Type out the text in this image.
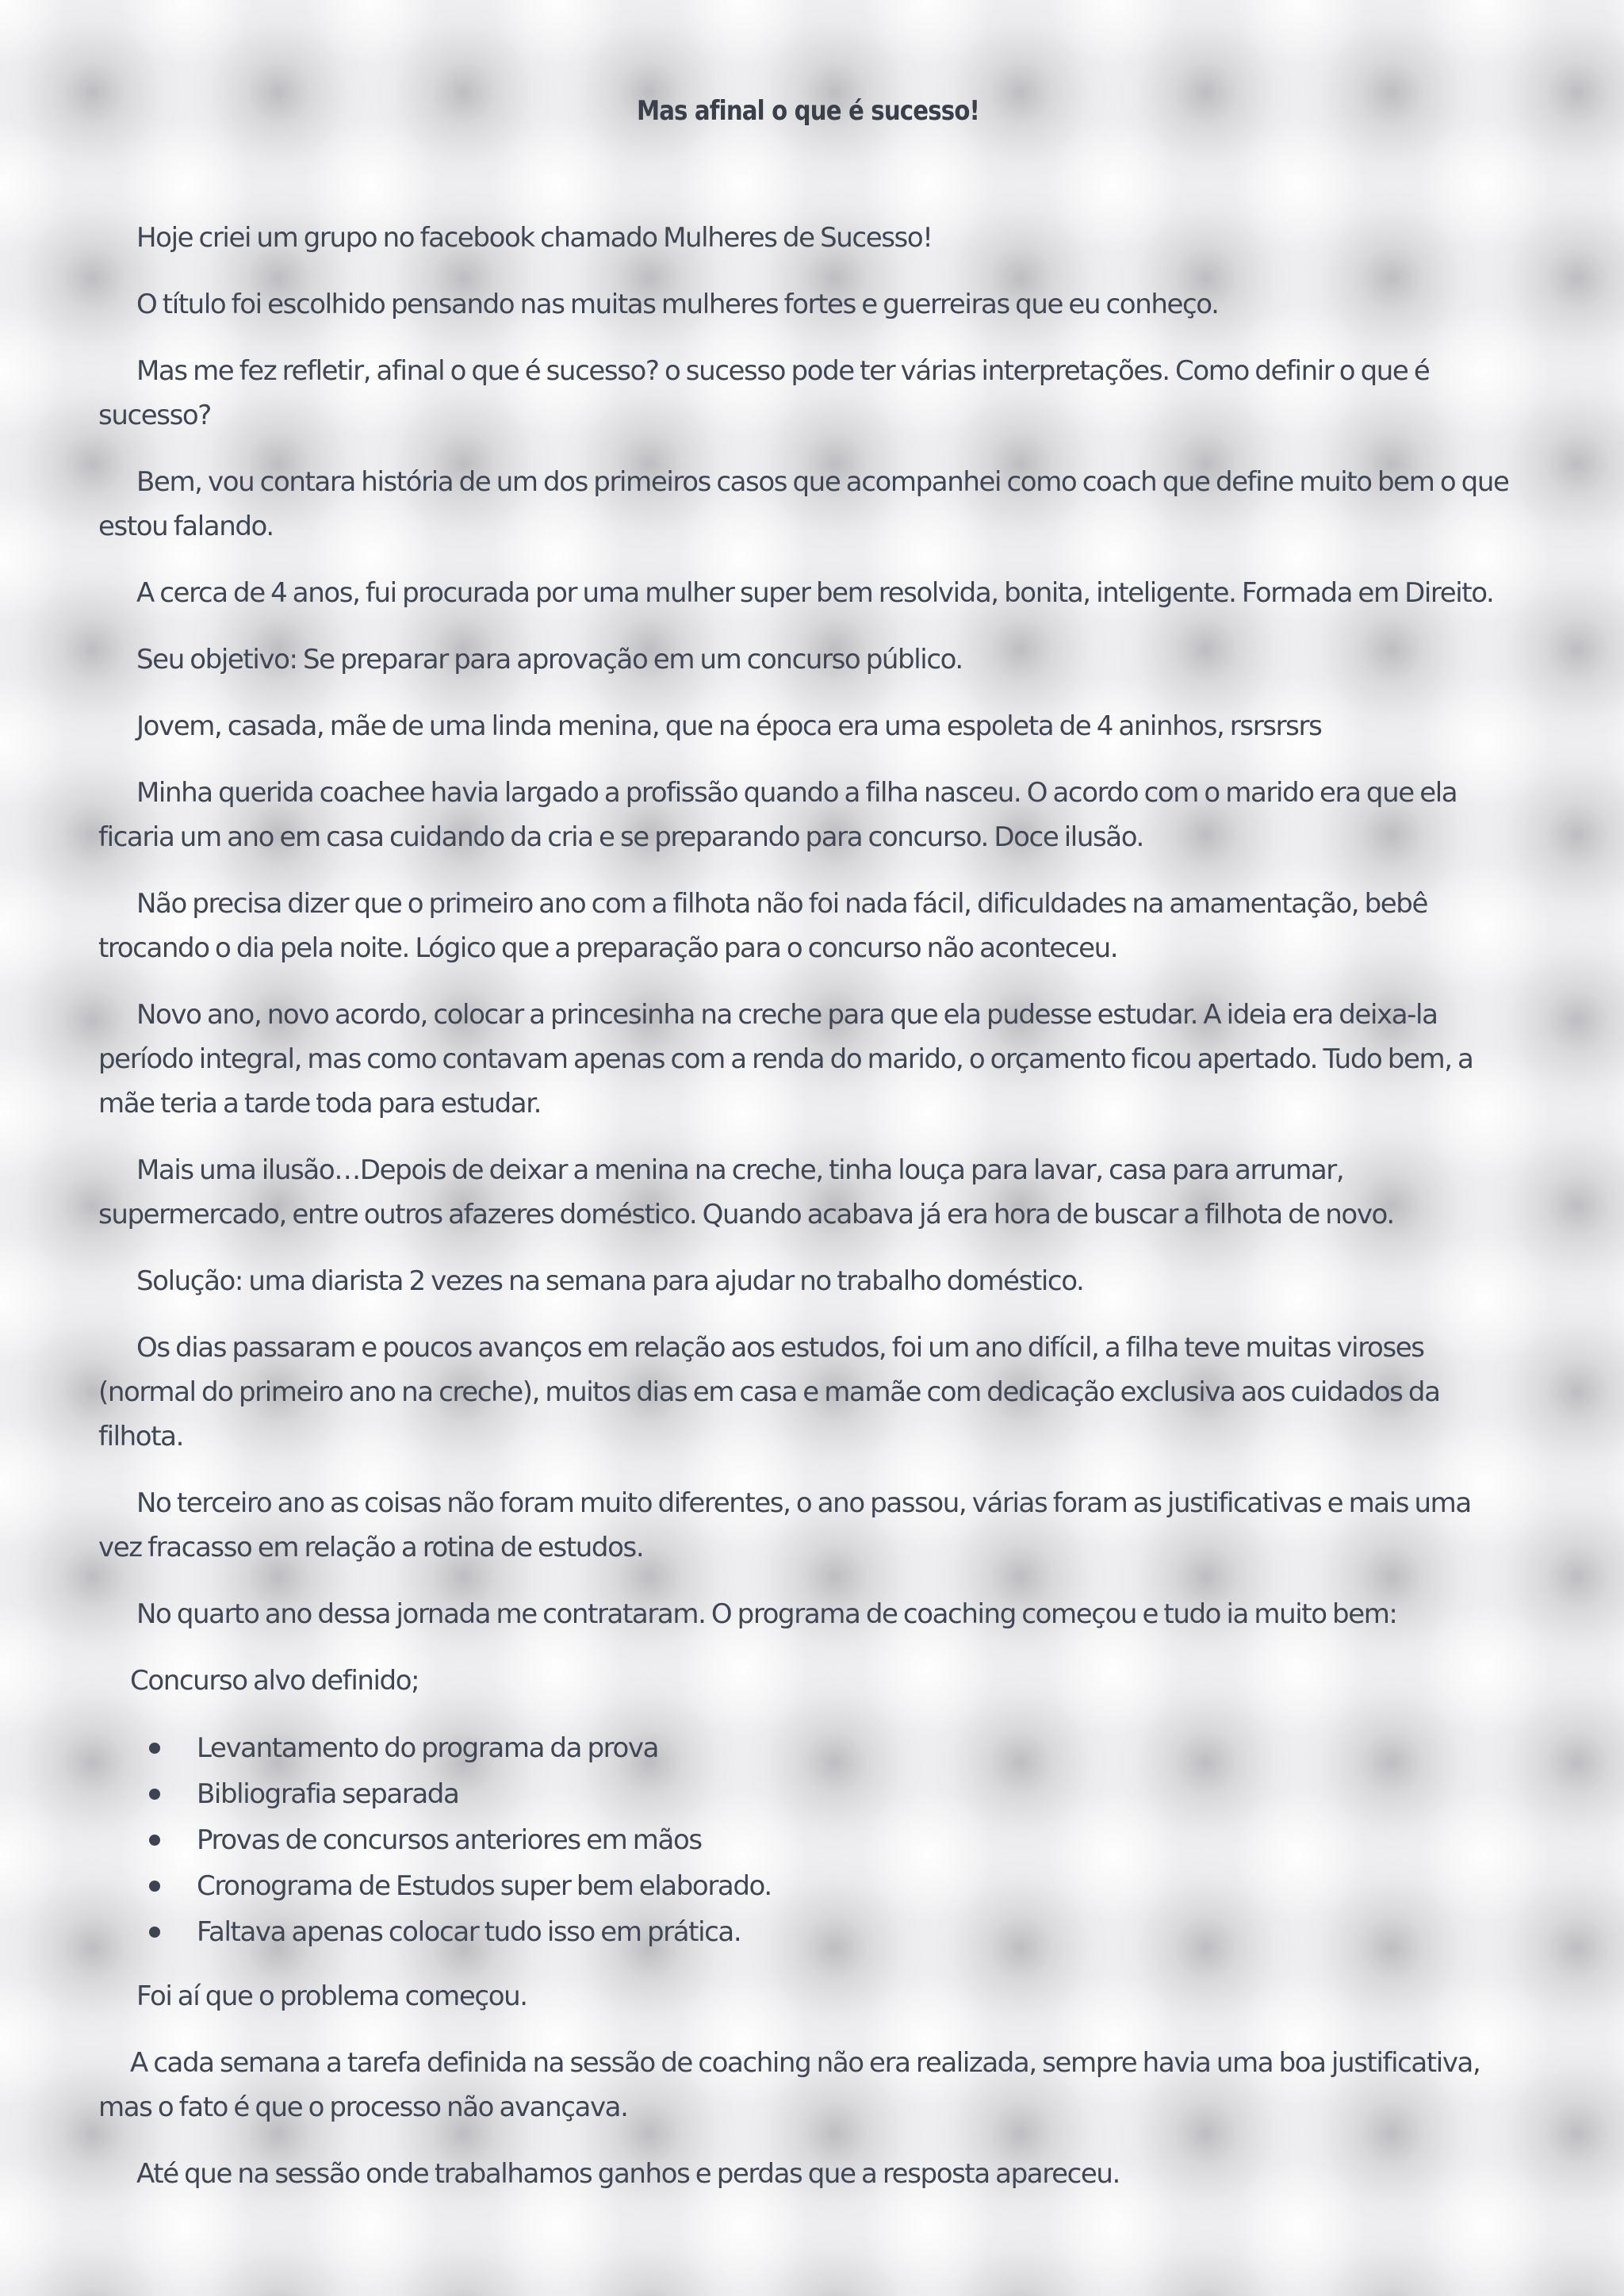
Mas afinal o que é sucesso!

Hoje criei um grupo no facebook chamado Mulheres de Sucesso!

O título foi escolhido pensando nas muitas mulheres fortes e guerreiras que eu conheço.

Mas me fez refletir, afinal o que é sucesso? o sucesso pode ter várias interpretações. Como definir o que é sucesso?

Bem, vou contara história de um dos primeiros casos que acompanhei como coach que define muito bem o que estou falando.

A cerca de 4 anos, fui procurada por uma mulher super bem resolvida, bonita, inteligente. Formada em Direito.

Seu objetivo: Se preparar para aprovação em um concurso público.

Jovem, casada, mãe de uma linda menina, que na época era uma espoleta de 4 aninhos, rsrsrsrs

Minha querida coachee havia largado a profissão quando a filha nasceu. O acordo com o marido era que ela ficaria um ano em casa cuidando da cria e se preparando para concurso. Doce ilusão.

Não precisa dizer que o primeiro ano com a filhota não foi nada fácil, dificuldades na amamentação, bebê trocando o dia pela noite. Lógico que a preparação para o concurso não aconteceu.

Novo ano, novo acordo, colocar a princesinha na creche para que ela pudesse estudar. A ideia era deixa-la período integral, mas como contavam apenas com a renda do marido, o orçamento ficou apertado. Tudo bem, a mãe teria a tarde toda para estudar.

Mais uma ilusão…Depois de deixar a menina na creche, tinha louça para lavar, casa para arrumar, supermercado, entre outros afazeres doméstico. Quando acabava já era hora de buscar a filhota de novo.

Solução: uma diarista 2 vezes na semana para ajudar no trabalho doméstico.

Os dias passaram e poucos avanços em relação aos estudos, foi um ano difícil, a filha teve muitas viroses (normal do primeiro ano na creche), muitos dias em casa e mamãe com dedicação exclusiva aos cuidados da filhota.

No terceiro ano as coisas não foram muito diferentes, o ano passou, várias foram as justificativas e mais uma vez fracasso em relação a rotina de estudos.

No quarto ano dessa jornada me contrataram. O programa de coaching começou e tudo ia muito bem:

Concurso alvo definido;

Levantamento do programa da prova
Bibliografia separada
Provas de concursos anteriores em mãos
Cronograma de Estudos super bem elaborado.
Faltava apenas colocar tudo isso em prática.

Foi aí que o problema começou.

A cada semana a tarefa definida na sessão de coaching não era realizada, sempre havia uma boa justificativa, mas o fato é que o processo não avançava.

Até que na sessão onde trabalhamos ganhos e perdas que a resposta apareceu.
